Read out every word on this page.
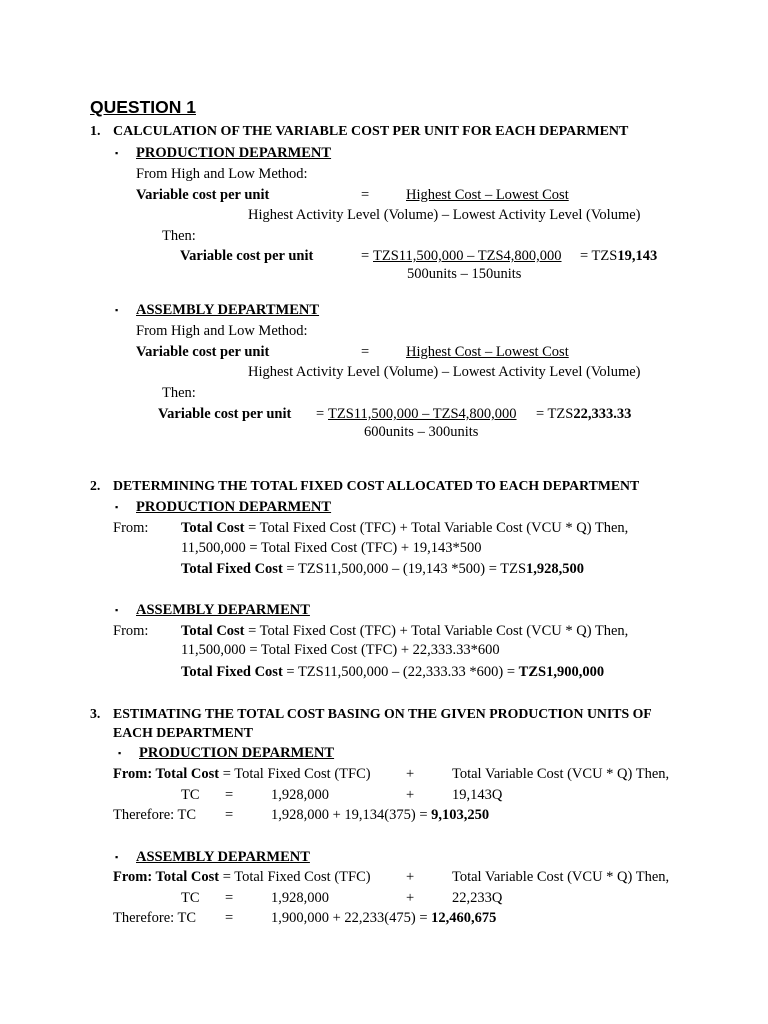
QUESTION 1
1. CALCULATION OF THE VARIABLE COST PER UNIT FOR EACH DEPARMENT
▪ PRODUCTION DEPARMENT
From High and Low Method:
Variable cost per unit	=	Highest Cost – Lowest Cost
Highest Activity Level (Volume) – Lowest Activity Level (Volume)
Then:
Variable cost per unit	= TZS11,500,000 – TZS4,800,000 = TZS19,143
500units – 150units
▪ ASSEMBLY DEPARTMENT
From High and Low Method:
Variable cost per unit	=	Highest Cost – Lowest Cost
Highest Activity Level (Volume) – Lowest Activity Level (Volume)
Then:
Variable cost per unit = TZS11,500,000 – TZS4,800,000 = TZS22,333.33
600units – 300units
2. DETERMINING THE TOTAL FIXED COST ALLOCATED TO EACH DEPARTMENT
▪ PRODUCTION DEPARMENT
From: Total Cost = Total Fixed Cost (TFC) + Total Variable Cost (VCU * Q) Then,
11,500,000 = Total Fixed Cost (TFC) + 19,143*500
Total Fixed Cost = TZS11,500,000 – (19,143 *500) = TZS1,928,500
▪ ASSEMBLY DEPARMENT
From: Total Cost = Total Fixed Cost (TFC) + Total Variable Cost (VCU * Q) Then,
11,500,000 = Total Fixed Cost (TFC) + 22,333.33*600
Total Fixed Cost = TZS11,500,000 – (22,333.33 *600) = TZS1,900,000
3. ESTIMATING THE TOTAL COST BASING ON THE GIVEN PRODUCTION UNITS OF
EACH DEPARTMENT
▪ PRODUCTION DEPARMENT
From: Total Cost = Total Fixed Cost (TFC) +	Total Variable Cost (VCU * Q) Then,
TC =	1,928,000	+	19,143Q
Therefore: TC =	1,928,000 + 19,134(375) = 9,103,250
▪ ASSEMBLY DEPARMENT
From: Total Cost = Total Fixed Cost (TFC) +	Total Variable Cost (VCU * Q) Then,
TC =	1,928,000	+	22,233Q
Therefore: TC =	1,900,000 + 22,233(475) = 12,460,675
